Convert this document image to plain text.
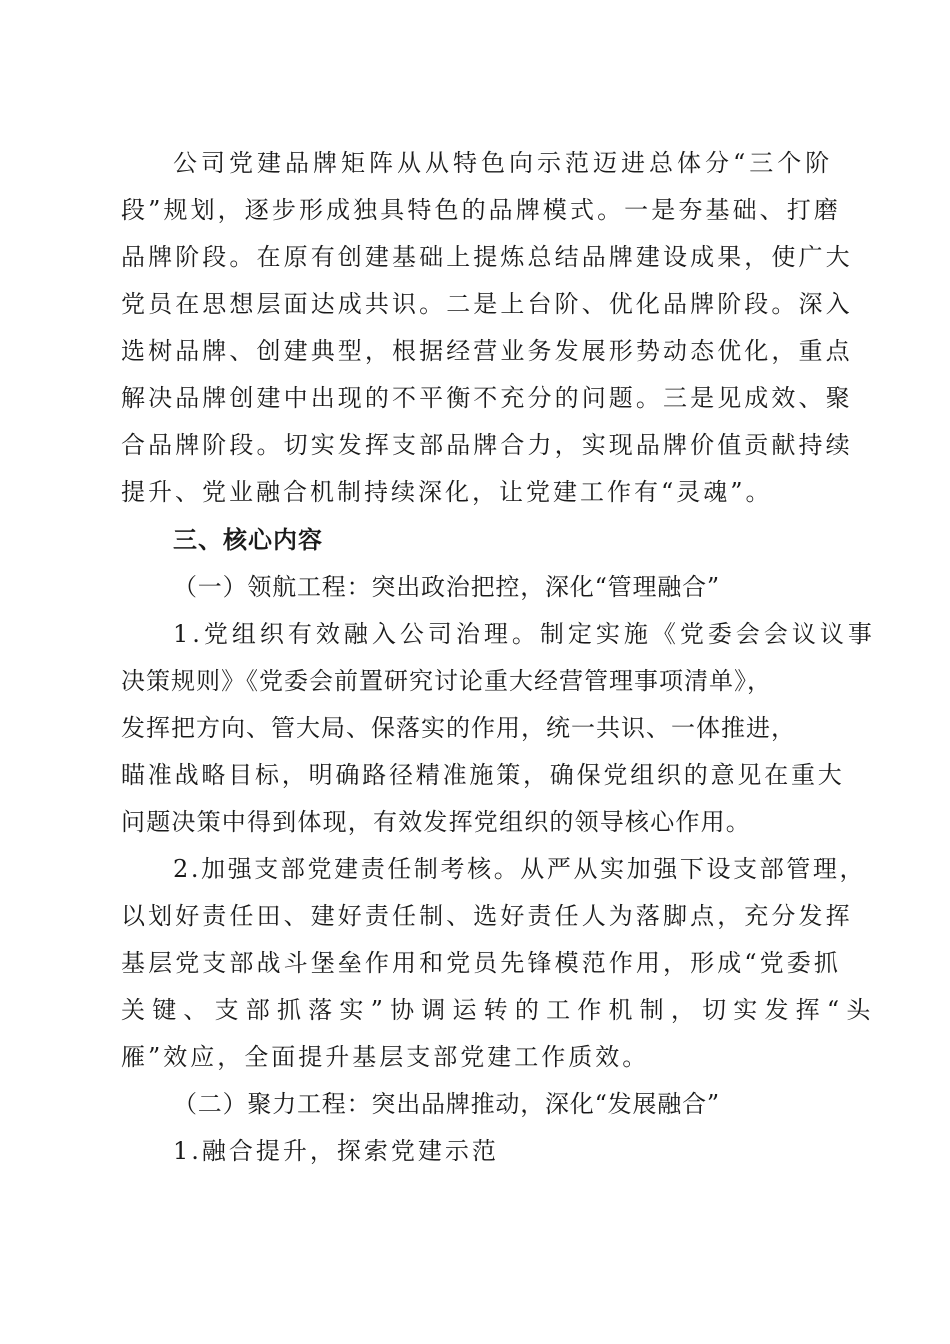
公司党建品牌矩阵从从特色向示范迈进总体分“三个阶
段”规划，逐步形成独具特色的品牌模式。一是夯基础、打磨
品牌阶段。在原有创建基础上提炼总结品牌建设成果，使广大
党员在思想层面达成共识。二是上台阶、优化品牌阶段。深入
选树品牌、创建典型，根据经营业务发展形势动态优化，重点
解决品牌创建中出现的不平衡不充分的问题。三是见成效、聚
合品牌阶段。切实发挥支部品牌合力，实现品牌价值贡献持续
提升、党业融合机制持续深化，让党建工作有“灵魂”。
三、核心内容
（一）领航工程：突出政治把控，深化“管理融合”
1.党组织有效融入公司治理。制定实施《党委会会议议事
决策规则》《党委会前置研究讨论重大经营管理事项清单》，
发挥把方向、管大局、保落实的作用，统一共识、一体推进，
瞄准战略目标，明确路径精准施策，确保党组织的意见在重大
问题决策中得到体现，有效发挥党组织的领导核心作用。
2.加强支部党建责任制考核。从严从实加强下设支部管理，
以划好责任田、建好责任制、选好责任人为落脚点，充分发挥
基层党支部战斗堡垒作用和党员先锋模范作用，形成“党委抓
关键、支部抓落实”协调运转的工作机制，切实发挥“头
雁”效应，全面提升基层支部党建工作质效。
（二）聚力工程：突出品牌推动，深化“发展融合”
1.融合提升，探索党建示范
